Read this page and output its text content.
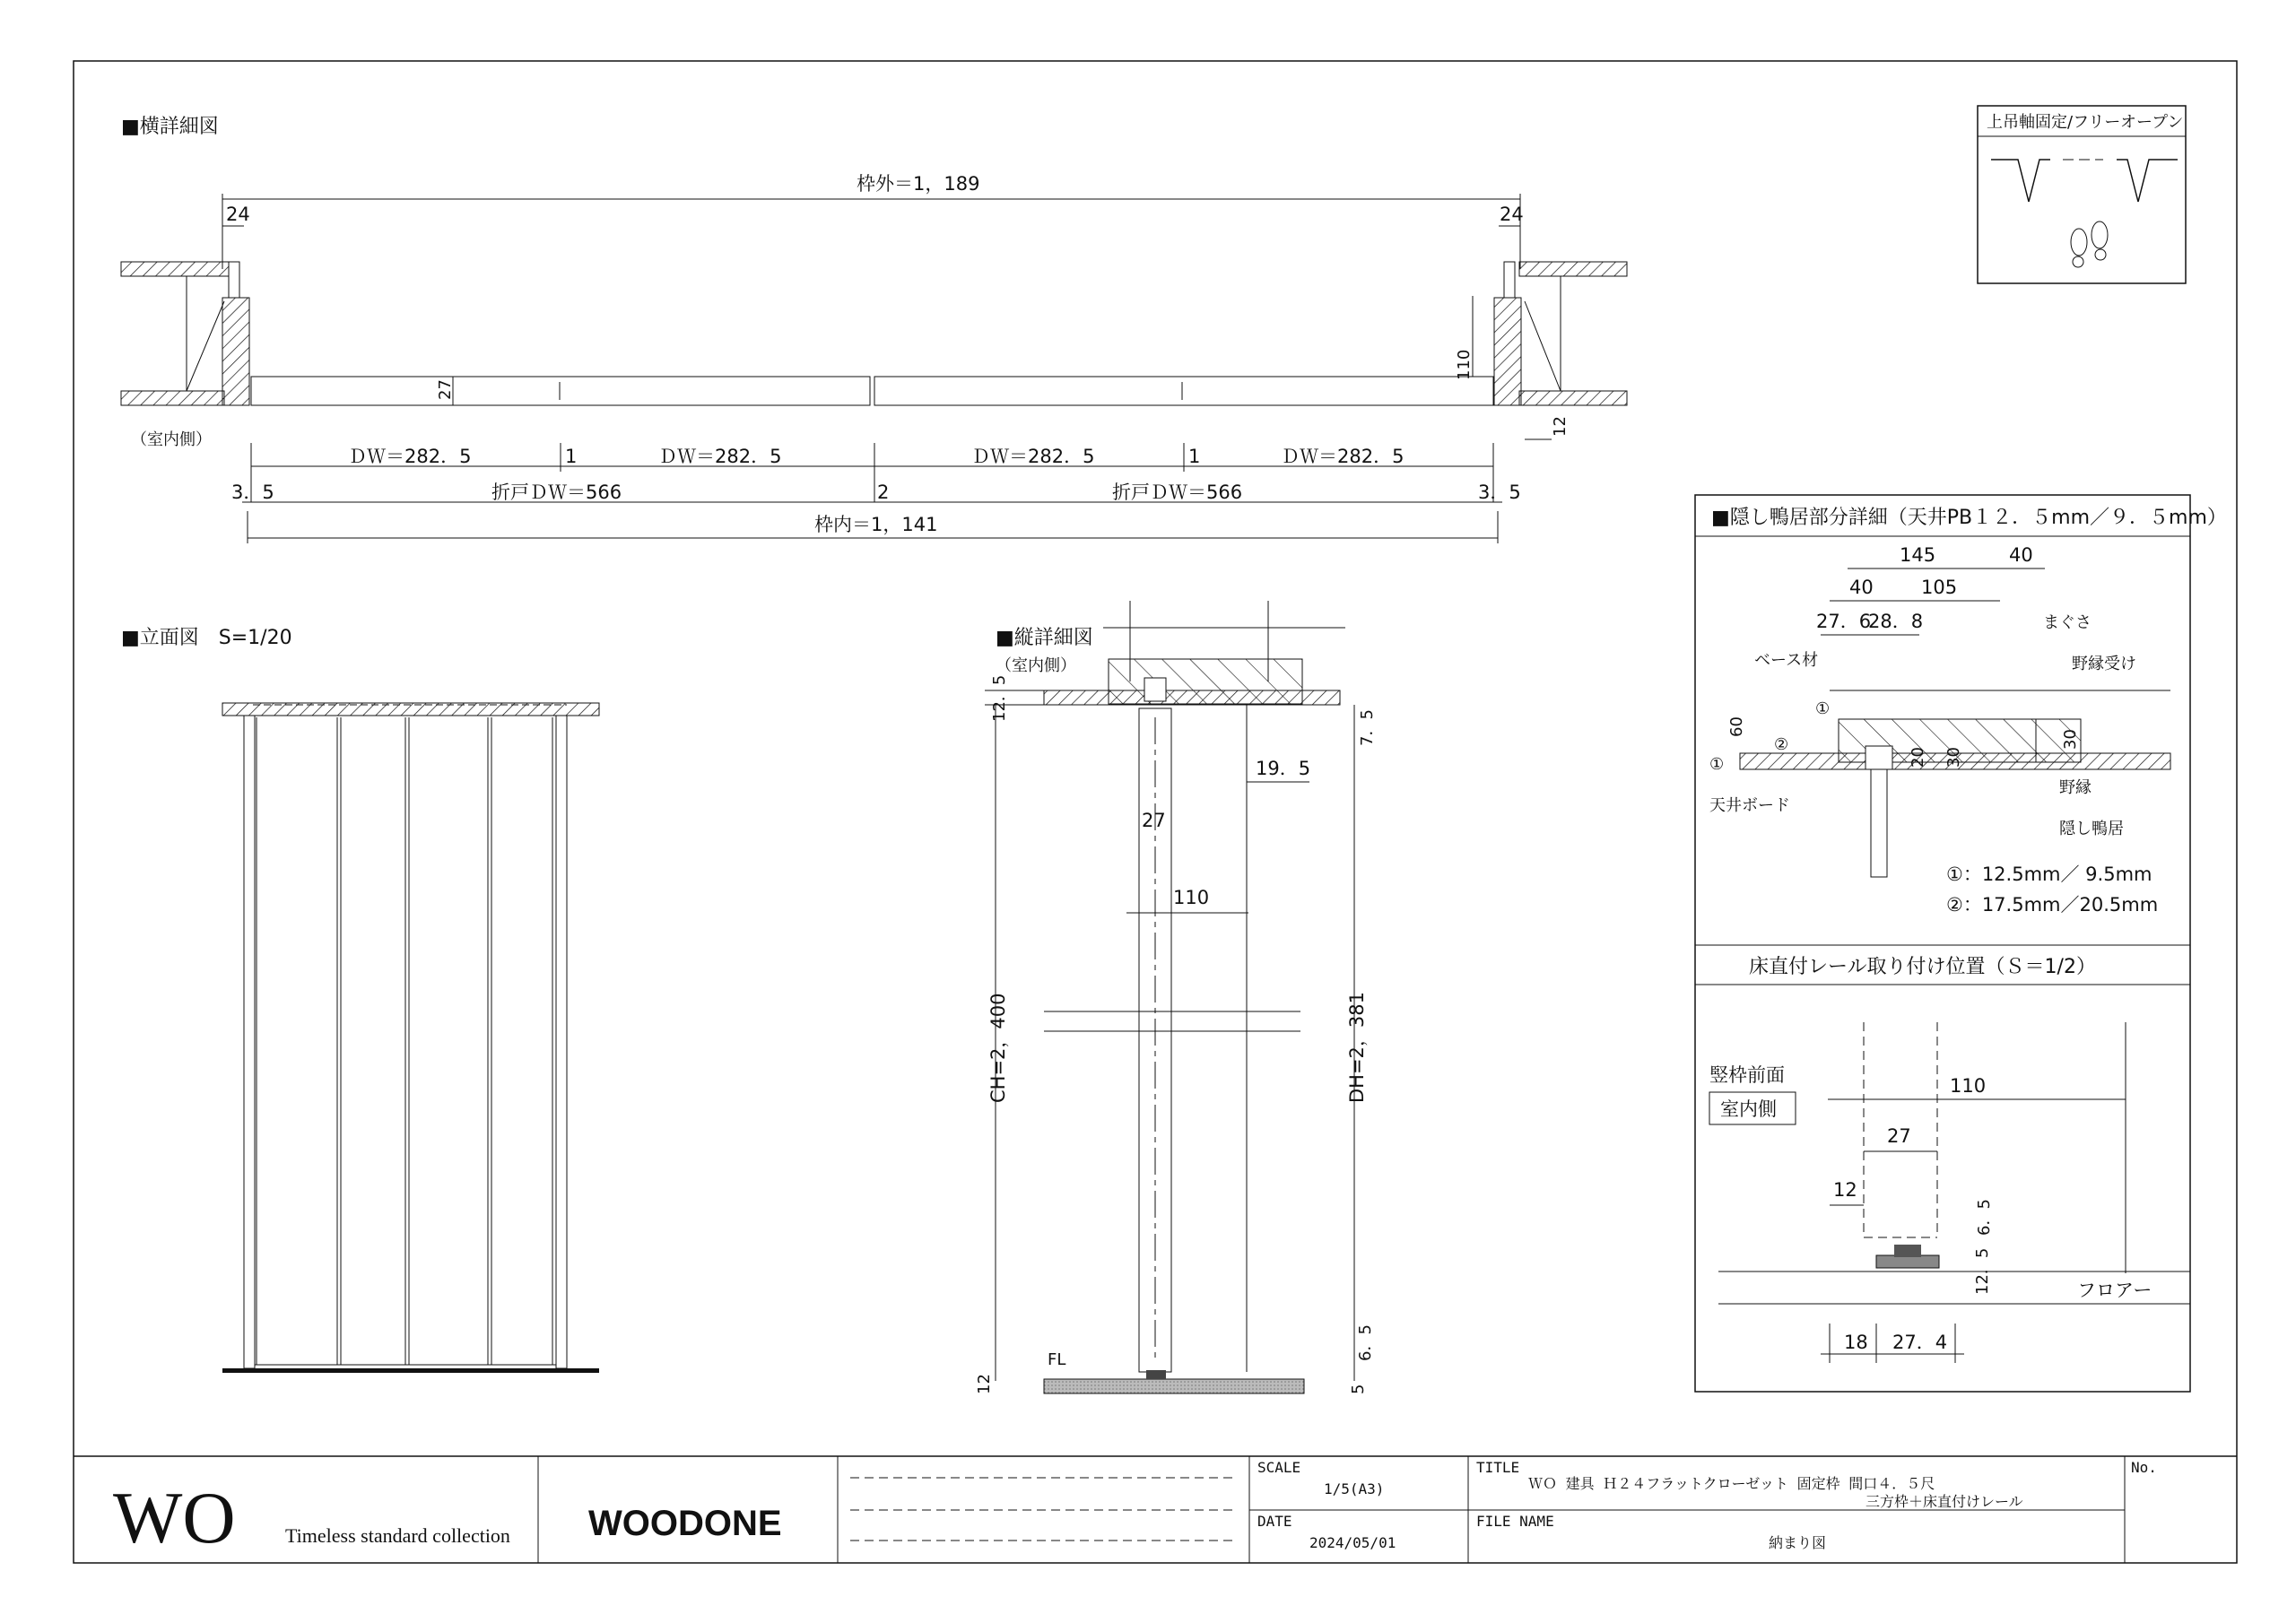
■横詳細図
枠外＝1，189
24	24
27
110
12
（室内側）
ＤＷ＝282．5	1	ＤＷ＝282．5	ＤＷ＝282．5	1	ＤＷ＝282．5
3．5	折戸ＤＷ＝566	2	折戸ＤＷ＝566	3．5
枠内＝1，141
上吊軸固定/フリーオープン
■立面図　S=1/20	■縦詳細図
（室内側）
12．5
19．5
7．5
27
110
CH=2，400	DH=2，381
FL	6．5
5
12
■隠し鴨居部分詳細（天井PB１２．５mm／９．５mm）
145	40
40	105
27．6
28．8	まぐさ
ベース材	野縁受け
60
30
30
20
①
②
①
天井ボード
野縁
隠し鴨居
①：12.5mm／ 9.5mm
②：17.5mm／20.5mm
床直付レール取り付け位置（Ｓ＝1/2）
竪枠前面
室内側
110
27
12
フロアー
6．5
12．5
18 27．4
WO	Timeless standard collection WOODONE
SCALE
1/5(A3)
DATE
2024/05/01
TITLE
ＷＯ 建具 Ｈ２４フラットクローゼット 固定枠 間口４．５尺
三方枠＋床直付けレール
FILE NAME
納まり図
No.
